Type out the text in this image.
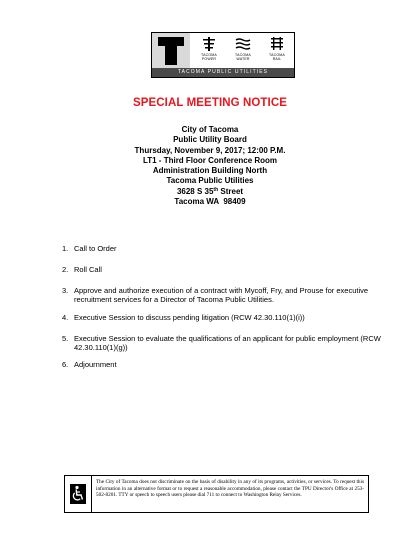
TACOMA
POWER
TACOMA
WATER
TACOMA
RAIL
TACOMA PUBLIC UTILITIES
SPECIAL MEETING NOTICE
City of Tacoma
Public Utility Board
Thursday, November 9, 2017; 12:00 P.M.
LT1 - Third Floor Conference Room
Administration Building North
Tacoma Public Utilities
3628 S 35th Street
Tacoma WA  98409
1. Call to Order
2. Roll Call
3. Approve and authorize execution of a contract with Mycoff, Fry, and Prouse for executive recruitment services for a Director of Tacoma Public Utilities.
4. Executive Session to discuss pending litigation (RCW 42.30.110(1)(i))
5. Executive Session to evaluate the qualifications of an applicant for public employment (RCW 42.30.110(1)(g))
6. Adjournment
The City of Tacoma does not discriminate on the basis of disability in any of its programs, activities, or services. To request this information in an alternative format or to request a reasonable accommodation, please contact the TPU Director's Office at 253-502-8201. TTY or speech to speech users please dial 711 to connect to Washington Relay Services.
